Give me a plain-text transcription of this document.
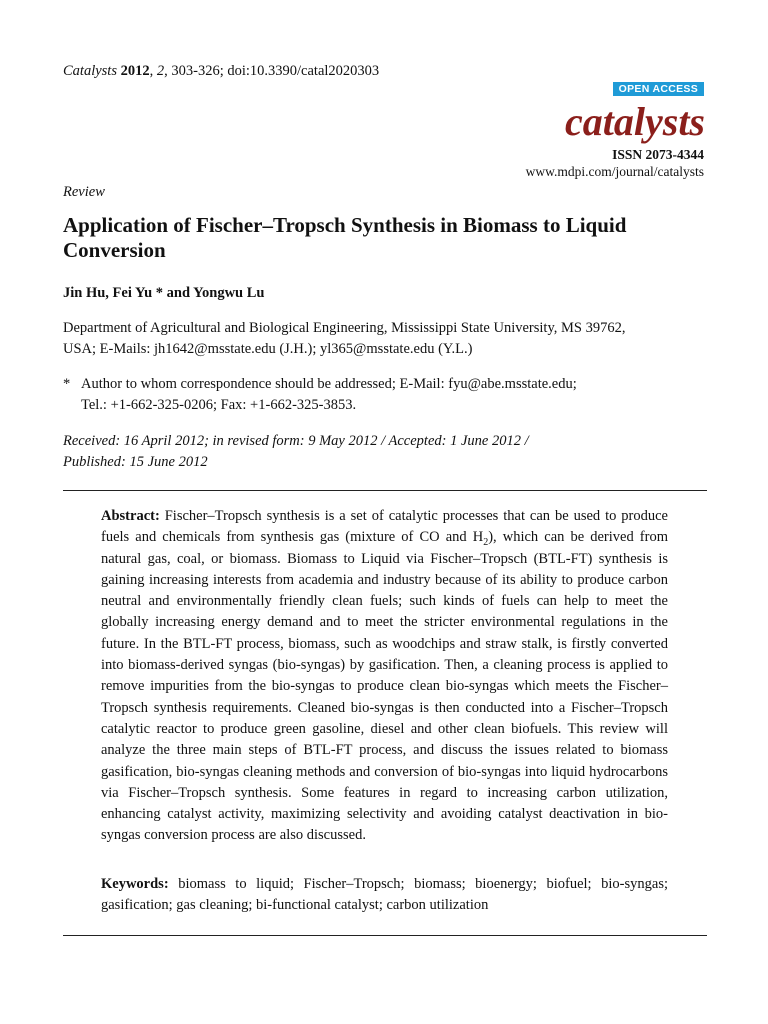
Catalysts 2012, 2, 303-326; doi:10.3390/catal2020303
OPEN ACCESS
catalysts
ISSN 2073-4344
www.mdpi.com/journal/catalysts
Review
Application of Fischer–Tropsch Synthesis in Biomass to Liquid Conversion
Jin Hu, Fei Yu * and Yongwu Lu
Department of Agricultural and Biological Engineering, Mississippi State University, MS 39762,
USA; E-Mails: jh1642@msstate.edu (J.H.); yl365@msstate.edu (Y.L.)
* Author to whom correspondence should be addressed; E-Mail: fyu@abe.msstate.edu;
Tel.: +1-662-325-0206; Fax: +1-662-325-3853.
Received: 16 April 2012; in revised form: 9 May 2012 / Accepted: 1 June 2012 /
Published: 15 June 2012

Abstract: Fischer–Tropsch synthesis is a set of catalytic processes that can be used to produce fuels and chemicals from synthesis gas (mixture of CO and $H_2$), which can be derived from natural gas, coal, or biomass. Biomass to Liquid via Fischer–Tropsch (BTL-FT) synthesis is gaining increasing interests from academia and industry because of its ability to produce carbon neutral and environmentally friendly clean fuels; such kinds of fuels can help to meet the globally increasing energy demand and to meet the stricter environmental regulations in the future. In the BTL-FT process, biomass, such as woodchips and straw stalk, is firstly converted into biomass-derived syngas (bio-syngas) by gasification. Then, a cleaning process is applied to remove impurities from the bio-syngas to produce clean bio-syngas which meets the Fischer–Tropsch synthesis requirements. Cleaned bio-syngas is then conducted into a Fischer–Tropsch catalytic reactor to produce green gasoline, diesel and other clean biofuels. This review will analyze the three main steps of BTL-FT process, and discuss the issues related to biomass gasification, bio-syngas cleaning methods and conversion of bio-syngas into liquid hydrocarbons via Fischer–Tropsch synthesis. Some features in regard to increasing carbon utilization, enhancing catalyst activity, maximizing selectivity and avoiding catalyst deactivation in bio-syngas conversion process are also discussed.

Keywords: biomass to liquid; Fischer–Tropsch; biomass; bioenergy; biofuel; bio-syngas; gasification; gas cleaning; bi-functional catalyst; carbon utilization
